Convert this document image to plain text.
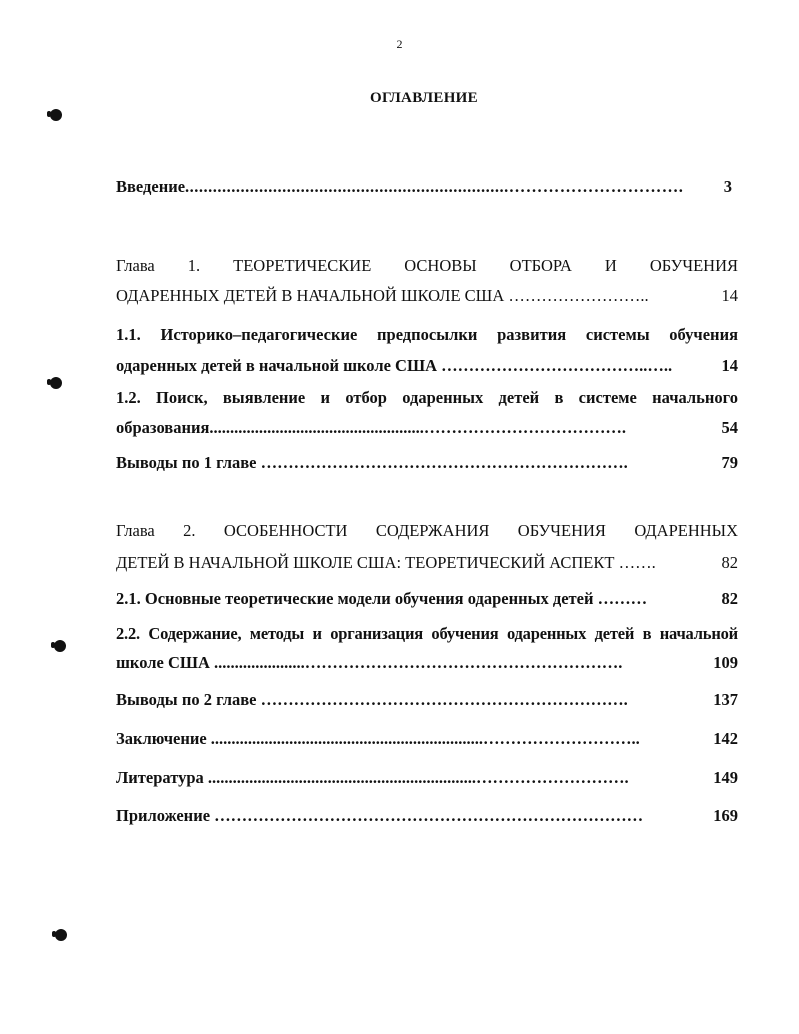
2
ОГЛАВЛЕНИЕ
Введение......................................................................…………………………. 3
Глава 1. ТЕОРЕТИЧЕСКИЕ ОСНОВЫ ОТБОРА И ОБУЧЕНИЯ
ОДАРЕННЫХ ДЕТЕЙ В НАЧАЛЬНОЙ ШКОЛЕ США ……………………..	14
1.1. Историко–педагогические предпосылки развития системы обучения
одаренных детей в начальной школе США ………………………………..…..	14
1.2. Поиск, выявление и отбор одаренных детей в системе начального
образования....................................................……………………………….	54
Выводы по 1 главе ………………………………………………………….	79
Глава 2. ОСОБЕННОСТИ СОДЕРЖАНИЯ ОБУЧЕНИЯ ОДАРЕННЫХ
ДЕТЕЙ В НАЧАЛЬНОЙ ШКОЛЕ США: ТЕОРЕТИЧЕСКИЙ АСПЕКТ …….	82
2.1. Основные теоретические модели обучения одаренных детей ………	82
2.2. Содержание, методы и организация обучения одаренных детей в начальной
школе США ......................………………………………………………….	109
Выводы по 2 главе ………………………………………………………….	137
Заключение ..................................................................………………………..	142
Литература .................................................................……………………….	149
Приложение ……………………………………………………………………	169
